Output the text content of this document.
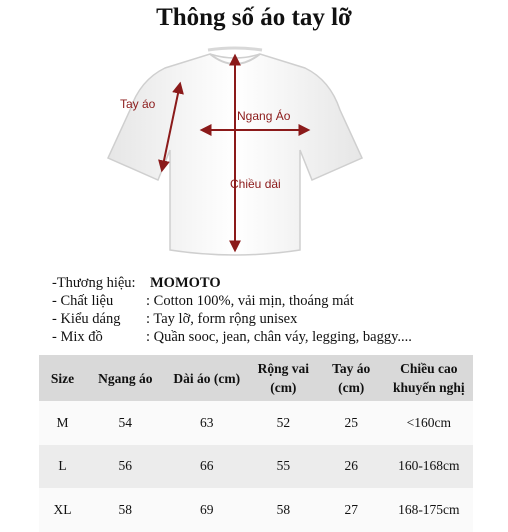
Thông số áo tay lỡ
Tay áo
Ngang Áo
Chiều dài
-Thương hiệu: MOMOTO
- Chất liệu : Cotton 100%, vải mịn, thoáng mát
- Kiểu dáng : Tay lỡ, form rộng unisex
- Mix đồ	: Quần sooc, jean, chân váy, legging, baggy....
Size	Ngang áo	Dài áo (cm)	Rộng vai (cm)	Tay áo (cm)	Chiều cao khuyến nghị
M	54	63	52	25	<160cm
L	56	66	55	26	160-168cm
XL	58	69	58	27	168-175cm
